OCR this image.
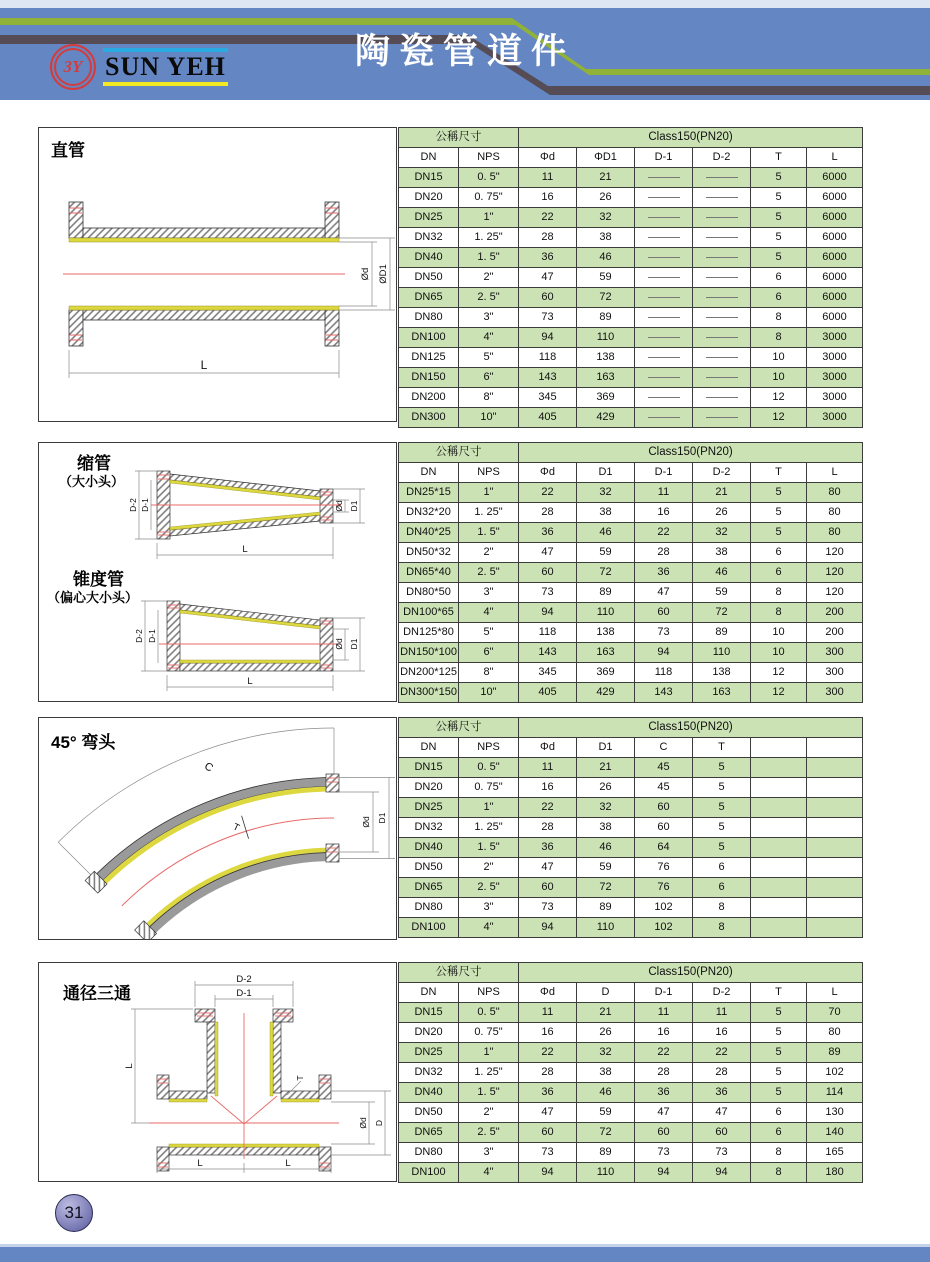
陶瓷管道件
3Y SUN YEH
直管
Ød ØD1
L
公稱尺寸		Class150(PN20)					
DN	NPS	Φd	ΦD1	D-1	D-2	T	L
DN15	0. 5"	11	21			5	6000
DN20	0. 75"	16	26			5	6000
DN25	1"	22	32			5	6000
DN32	1. 25"	28	38			5	6000
DN40	1. 5"	36	46			5	6000
DN50	2"	47	59			6	6000
DN65	2. 5"	60	72			6	6000
DN80	3"	73	89			8	6000
DN100	4"	94	110			8	3000
DN125	5"	118	138			10	3000
DN150	6"	143	163			10	3000
DN200	8"	345	369			12	3000
DN300	10"	405	429			12	3000
缩管
（大小头）
锥度管
（偏心大小头）
D-2 D-1	Ød D1
L
D-2 D-1
Ød D1
L
公稱尺寸		Class150(PN20)					
DN	NPS	Φd	D1	D-1	D-2	T	L
DN25*15	1"	22	32	11	21	5	80
DN32*20	1. 25"	28	38	16	26	5	80
DN40*25	1. 5"	36	46	22	32	5	80
DN50*32	2"	47	59	28	38	6	120
DN65*40	2. 5"	60	72	36	46	6	120
DN80*50	3"	73	89	47	59	8	120
DN100*65	4"	94	110	60	72	8	200
DN125*80	5"	118	138	73	89	10	200
DN150*100	6"	143	163	94	110	10	300
DN200*125	8"	345	369	118	138	12	300
DN300*150	10"	405	429	143	163	12	300
45° 弯头
C
T	Ød D1
公稱尺寸		Class150(PN20)					
DN	NPS	Φd	D1	C	T		
DN15	0. 5"	11	21	45	5		
DN20	0. 75"	16	26	45	5		
DN25	1"	22	32	60	5		
DN32	1. 25"	28	38	60	5		
DN40	1. 5"	36	46	64	5		
DN50	2"	47	59	76	6		
DN65	2. 5"	60	72	76	6		
DN80	3"	73	89	102	8		
DN100	4"	94	110	102	8		
通径三通
D-2
D-1
L
T
Ød D
L	L
公稱尺寸		Class150(PN20)					
DN	NPS	Φd	D	D-1	D-2	T	L
DN15	0. 5"	11	21	11	11	5	70
DN20	0. 75"	16	26	16	16	5	80
DN25	1"	22	32	22	22	5	89
DN32	1. 25"	28	38	28	28	5	102
DN40	1. 5"	36	46	36	36	5	114
DN50	2"	47	59	47	47	6	130
DN65	2. 5"	60	72	60	60	6	140
DN80	3"	73	89	73	73	8	165
DN100	4"	94	110	94	94	8	180
31
